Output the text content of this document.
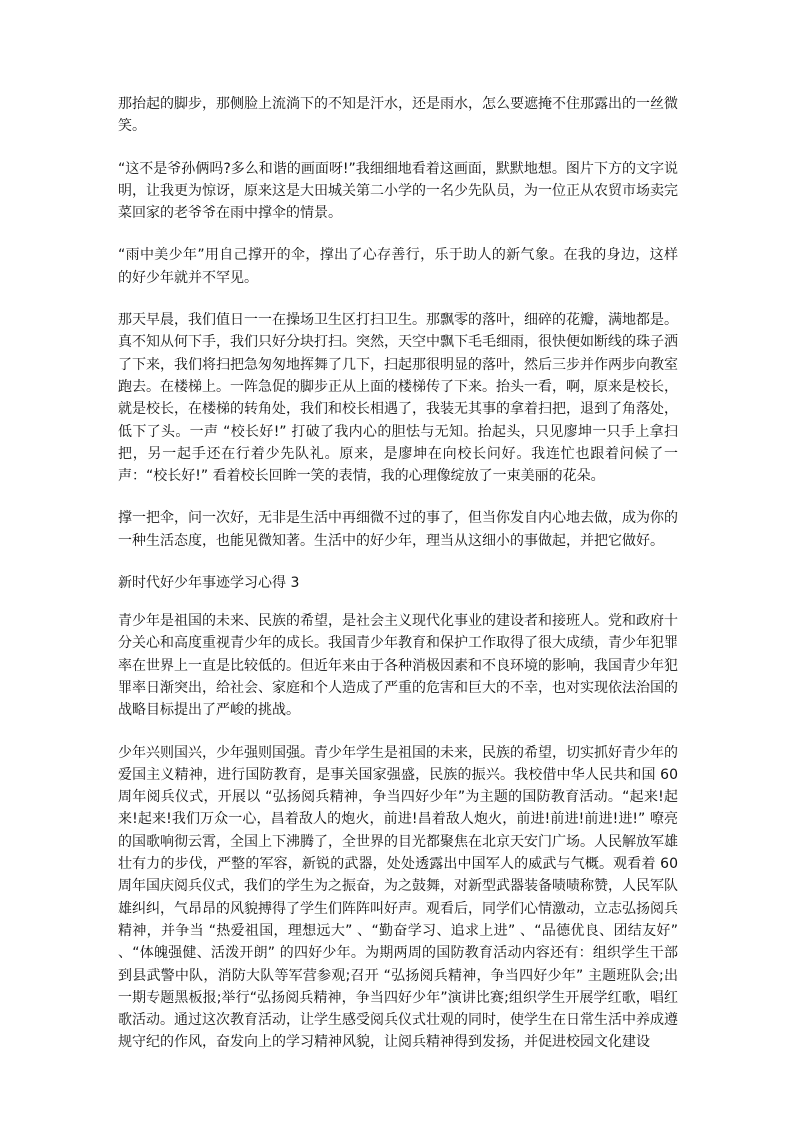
那抬起的脚步，那侧脸上流淌下的不知是汗水，还是雨水，怎么要遮掩不住那露出的一丝微笑。

“这不是爷孙俩吗?多么和谐的画面呀!”我细细地看着这画面，默默地想。图片下方的文字说明，让我更为惊讶，原来这是大田城关第二小学的一名少先队员，为一位正从农贸市场卖完菜回家的老爷爷在雨中撑伞的情景。

“雨中美少年”用自己撑开的伞，撑出了心存善行，乐于助人的新气象。在我的身边，这样的好少年就并不罕见。

那天早晨，我们值日一一在操场卫生区打扫卫生。那飘零的落叶，细碎的花瓣，满地都是。真不知从何下手，我们只好分块打扫。突然，天空中飘下毛毛细雨，很快便如断线的珠子洒了下来，我们将扫把急匆匆地挥舞了几下，扫起那很明显的落叶，然后三步并作两步向教室跑去。在楼梯上。一阵急促的脚步正从上面的楼梯传了下来。抬头一看，啊，原来是校长，就是校长，在楼梯的转角处，我们和校长相遇了，我装无其事的拿着扫把，退到了角落处，低下了头。一声 “校长好!” 打破了我内心的胆怯与无知。抬起头，只见廖坤一只手上拿扫把，另一起手还在行着少先队礼。原来，是廖坤在向校长问好。我连忙也跟着问候了一声：“校长好!” 看着校长回眸一笑的表情，我的心理像绽放了一束美丽的花朵。

撑一把伞，问一次好，无非是生活中再细微不过的事了，但当你发自内心地去做，成为你的一种生活态度，也能见微知著。生活中的好少年，理当从这细小的事做起，并把它做好。

新时代好少年事迹学习心得 3

青少年是祖国的未来、民族的希望，是社会主义现代化事业的建设者和接班人。党和政府十分关心和高度重视青少年的成长。我国青少年教育和保护工作取得了很大成绩，青少年犯罪率在世界上一直是比较低的。但近年来由于各种消极因素和不良环境的影响，我国青少年犯罪率日渐突出，给社会、家庭和个人造成了严重的危害和巨大的不幸，也对实现依法治国的战略目标提出了严峻的挑战。

少年兴则国兴，少年强则国强。青少年学生是祖国的未来，民族的希望，切实抓好青少年的爱国主义精神，进行国防教育，是事关国家强盛，民族的振兴。我校借中华人民共和国 60 周年阅兵仪式，开展以 “弘扬阅兵精神，争当四好少年”为主题的国防教育活动。“起来!起来!起来!我们万众一心，昌着敌人的炮火，前进!昌着敌人炮火，前进!前进!前进!进!” 嘹亮的国歌响彻云霄，全国上下沸腾了，全世界的目光都聚焦在北京天安门广场。人民解放军雄壮有力的步伐，严整的军容，新锐的武器，处处透露出中国军人的威武与气概。观看着 60 周年国庆阅兵仪式，我们的学生为之振奋，为之鼓舞，对新型武器装备啧啧称赞，人民军队雄纠纠，气昂昂的风貌搏得了学生们阵阵叫好声。观看后，同学们心情激动，立志弘扬阅兵精神，并争当 “热爱祖国，理想远大” 、“勤奋学习、追求上进” 、“品德优良、团结友好” 、“体魄强健、活泼开朗” 的四好少年。为期两周的国防教育活动内容还有：组织学生干部到县武警中队，消防大队等军营参观;召开 “弘扬阅兵精神，争当四好少年” 主题班队会;出一期专题黑板报;举行“弘扬阅兵精神，争当四好少年”演讲比赛;组织学生开展学红歌，唱红歌活动。通过这次教育活动，让学生感受阅兵仪式壮观的同时，使学生在日常生活中养成遵规守纪的作风，奋发向上的学习精神风貌，让阅兵精神得到发扬，并促进校园文化建设
